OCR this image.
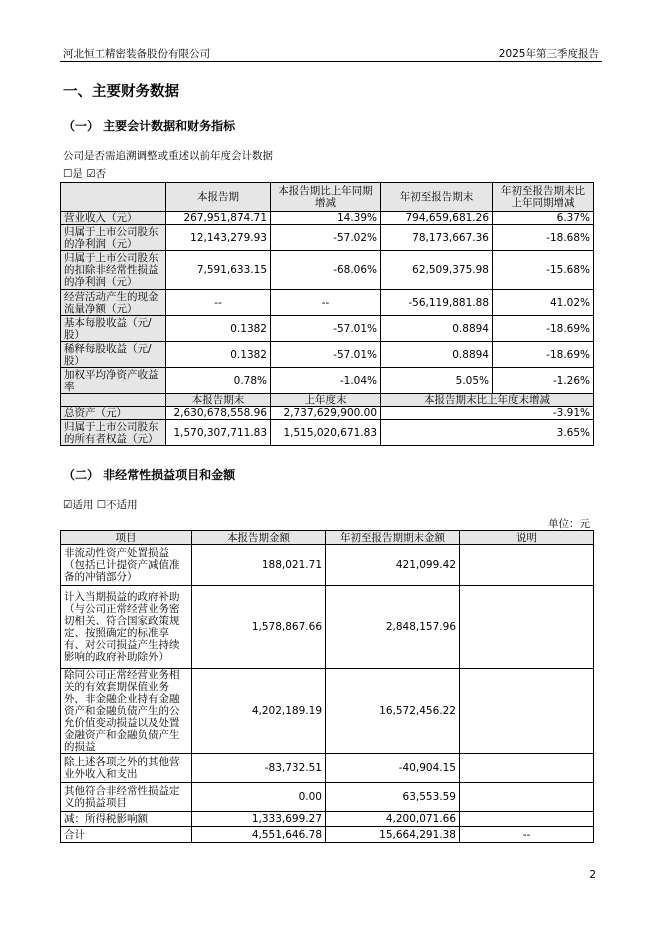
河北恒工精密装备股份有限公司	2025年第三季度报告
一、主要财务数据
（一） 主要会计数据和财务指标
公司是否需追溯调整或重述以前年度会计数据
☐是 ☑否
	本报告期	本报告期比上年同期增减	年初至报告期末	年初至报告期末比上年同期增减
营业收入（元）	267,951,874.71	14.39%	794,659,681.26	6.37%
归属于上市公司股东的净利润（元）	12,143,279.93	-57.02%	78,173,667.36	-18.68%
归属于上市公司股东的扣除非经常性损益的净利润（元）	7,591,633.15	-68.06%	62,509,375.98	-15.68%
经营活动产生的现金流量净额（元）	--	--	-56,119,881.88	41.02%
基本每股收益（元/股）	0.1382	-57.01%	0.8894	-18.69%
稀释每股收益（元/股）	0.1382	-57.01%	0.8894	-18.69%
加权平均净资产收益率	0.78%	-1.04%	5.05%	-1.26%
	本报告期末	上年度末	本报告期末比上年度末增减	
总资产（元）	2,630,678,558.96	2,737,629,900.00	-3.91%	
归属于上市公司股东的所有者权益（元）	1,570,307,711.83	1,515,020,671.83	3.65%	
（二） 非经常性损益项目和金额
☑适用 ☐不适用
单位：元
项目	本报告期金额	年初至报告期期末金额	说明
非流动性资产处置损益（包括已计提资产减值准备的冲销部分）	188,021.71	421,099.42	
计入当期损益的政府补助（与公司正常经营业务密切相关、符合国家政策规定、按照确定的标准享有、对公司损益产生持续影响的政府补助除外）	1,578,867.66	2,848,157.96	
除同公司正常经营业务相关的有效套期保值业务外，非金融企业持有金融资产和金融负债产生的公允价值变动损益以及处置金融资产和金融负债产生的损益	4,202,189.19	16,572,456.22	
除上述各项之外的其他营业外收入和支出	-83,732.51	-40,904.15	
其他符合非经常性损益定义的损益项目	0.00	63,553.59	
减：所得税影响额	1,333,699.27	4,200,071.66	
合计	4,551,646.78	15,664,291.38	--
2
